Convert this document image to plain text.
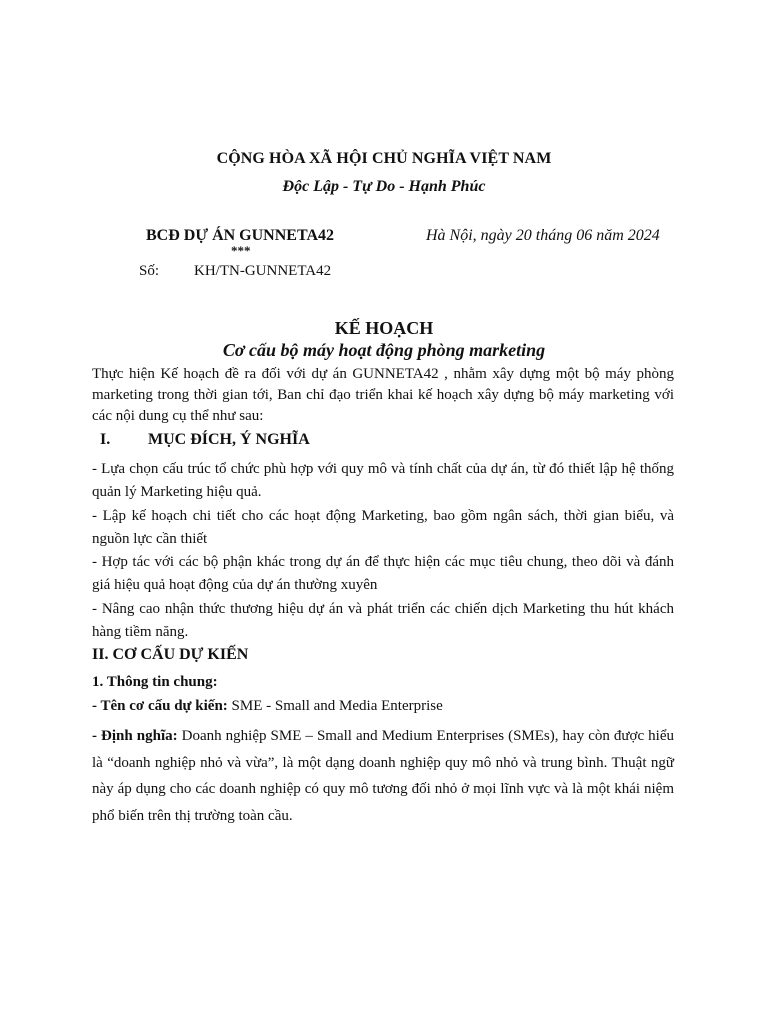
CỘNG HÒA XÃ HỘI CHỦ NGHĨA VIỆT NAM
Độc Lập - Tự Do - Hạnh Phúc
BCĐ DỰ ÁN GUNNETA42
***
Hà Nội, ngày 20 tháng 06 năm 2024
Số: KH/TN-GUNNETA42
KẾ HOẠCH
Cơ cấu bộ máy hoạt động phòng marketing
Thực hiện Kế hoạch đề ra đối với dự án GUNNETA42 , nhằm xây dựng một bộ máy phòng marketing trong thời gian tới, Ban chỉ đạo triển khai kế hoạch xây dựng bộ máy marketing với các nội dung cụ thể như sau:
I. MỤC ĐÍCH, Ý NGHĨA
- Lựa chọn cấu trúc tổ chức phù hợp với quy mô và tính chất của dự án, từ đó thiết lập hệ thống quản lý Marketing hiệu quả.
- Lập kế hoạch chi tiết cho các hoạt động Marketing, bao gồm ngân sách, thời gian biểu, và nguồn lực cần thiết
- Hợp tác với các bộ phận khác trong dự án để thực hiện các mục tiêu chung, theo dõi và đánh giá hiệu quả hoạt động của dự án thường xuyên
- Nâng cao nhận thức thương hiệu dự án và phát triển các chiến dịch Marketing thu hút khách hàng tiềm năng.
II. CƠ CẤU DỰ KIẾN
1. Thông tin chung:
- Tên cơ cấu dự kiến: SME - Small and Media Enterprise
- Định nghĩa: Doanh nghiệp SME – Small and Medium Enterprises (SMEs), hay còn được hiểu là “doanh nghiệp nhỏ và vừa”, là một dạng doanh nghiệp quy mô nhỏ và trung bình. Thuật ngữ này áp dụng cho các doanh nghiệp có quy mô tương đối nhỏ ở mọi lĩnh vực và là một khái niệm phổ biến trên thị trường toàn cầu.
